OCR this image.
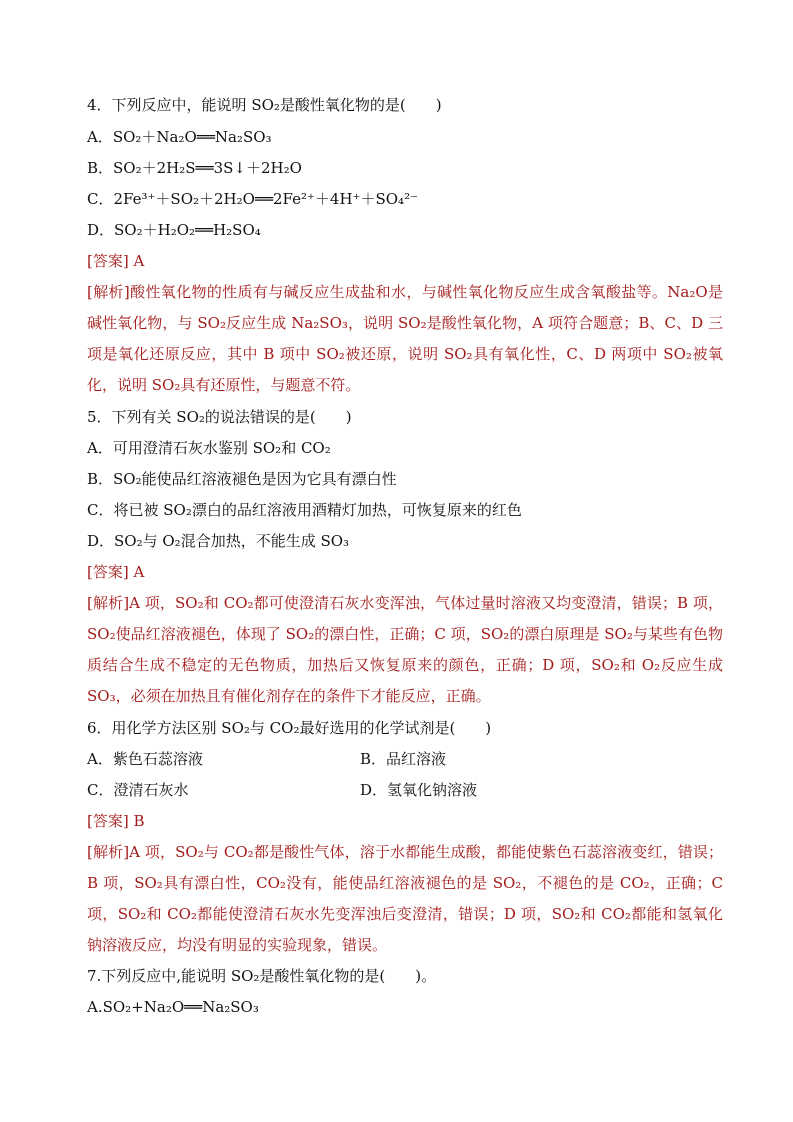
4．下列反应中，能说明 SO₂是酸性氧化物的是(　　)
A．SO₂＋Na₂O══Na₂SO₃
B．SO₂＋2H₂S══3S↓＋2H₂O
C．2Fe³⁺＋SO₂＋2H₂O══2Fe²⁺＋4H⁺＋SO₄²⁻
D．SO₂＋H₂O₂══H₂SO₄
[答案] A
[解析]酸性氧化物的性质有与碱反应生成盐和水，与碱性氧化物反应生成含氧酸盐等。Na₂O是碱性氧化物，与 SO₂反应生成 Na₂SO₃，说明 SO₂是酸性氧化物，A 项符合题意；B、C、D 三项是氧化还原反应，其中 B 项中 SO₂被还原，说明 SO₂具有氧化性，C、D 两项中 SO₂被氧化，说明 SO₂具有还原性，与题意不符。
5．下列有关 SO₂的说法错误的是(　　)
A．可用澄清石灰水鉴别 SO₂和 CO₂
B．SO₂能使品红溶液褪色是因为它具有漂白性
C．将已被 SO₂漂白的品红溶液用酒精灯加热，可恢复原来的红色
D．SO₂与 O₂混合加热，不能生成 SO₃
[答案] A
[解析]A 项，SO₂和 CO₂都可使澄清石灰水变浑浊，气体过量时溶液又均变澄清，错误；B 项，SO₂使品红溶液褪色，体现了 SO₂的漂白性，正确；C 项，SO₂的漂白原理是 SO₂与某些有色物质结合生成不稳定的无色物质，加热后又恢复原来的颜色，正确；D 项，SO₂和 O₂反应生成 SO₃，必须在加热且有催化剂存在的条件下才能反应，正确。
6．用化学方法区别 SO₂与 CO₂最好选用的化学试剂是(　　)
A．紫色石蕊溶液	B．品红溶液
C．澄清石灰水	D．氢氧化钠溶液
[答案] B
[解析]A 项，SO₂与 CO₂都是酸性气体，溶于水都能生成酸，都能使紫色石蕊溶液变红，错误；B 项，SO₂具有漂白性，CO₂没有，能使品红溶液褪色的是 SO₂，不褪色的是 CO₂，正确；C 项，SO₂和 CO₂都能使澄清石灰水先变浑浊后变澄清，错误；D 项，SO₂和 CO₂都能和氢氧化钠溶液反应，均没有明显的实验现象，错误。
7.下列反应中,能说明 SO₂是酸性氧化物的是(　　)。
A.SO₂+Na₂O══Na₂SO₃
